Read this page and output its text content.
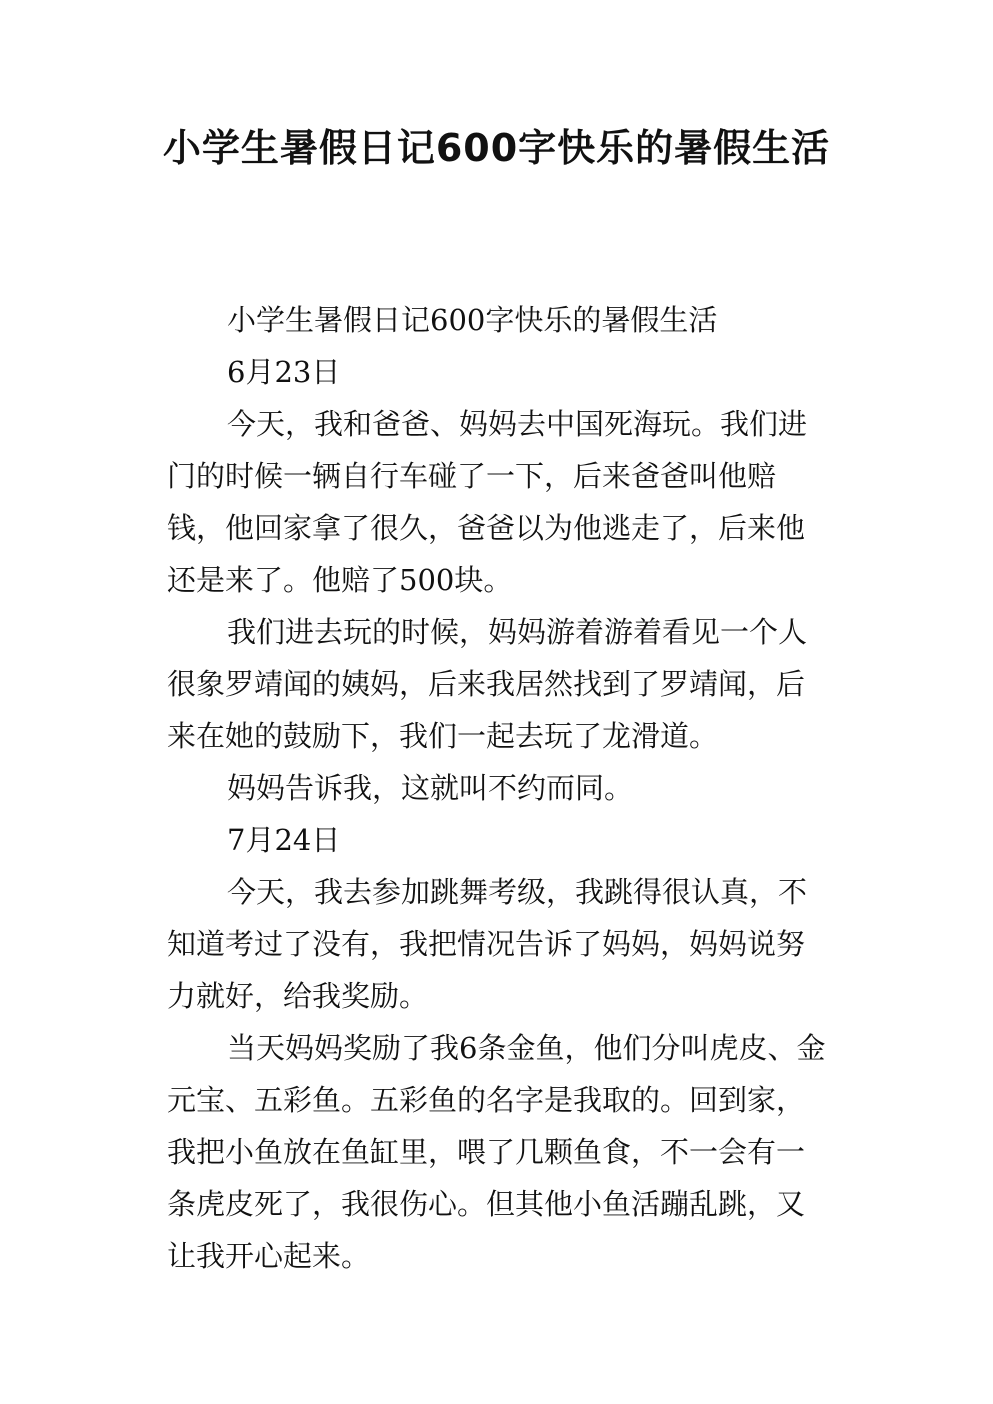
小学生暑假日记600字快乐的暑假生活

小学生暑假日记600字快乐的暑假生活

6月23日

今天，我和爸爸、妈妈去中国死海玩。我们进门的时候一辆自行车碰了一下，后来爸爸叫他赔钱，他回家拿了很久，爸爸以为他逃走了，后来他还是来了。他赔了500块。

我们进去玩的时候，妈妈游着游着看见一个人很象罗靖闻的姨妈，后来我居然找到了罗靖闻，后来在她的鼓励下，我们一起去玩了龙滑道。

妈妈告诉我，这就叫不约而同。

7月24日

今天，我去参加跳舞考级，我跳得很认真，不知道考过了没有，我把情况告诉了妈妈，妈妈说努力就好，给我奖励。

当天妈妈奖励了我6条金鱼，他们分叫虎皮、金元宝、五彩鱼。五彩鱼的名字是我取的。回到家，我把小鱼放在鱼缸里，喂了几颗鱼食，不一会有一条虎皮死了，我很伤心。但其他小鱼活蹦乱跳，又让我开心起来。
